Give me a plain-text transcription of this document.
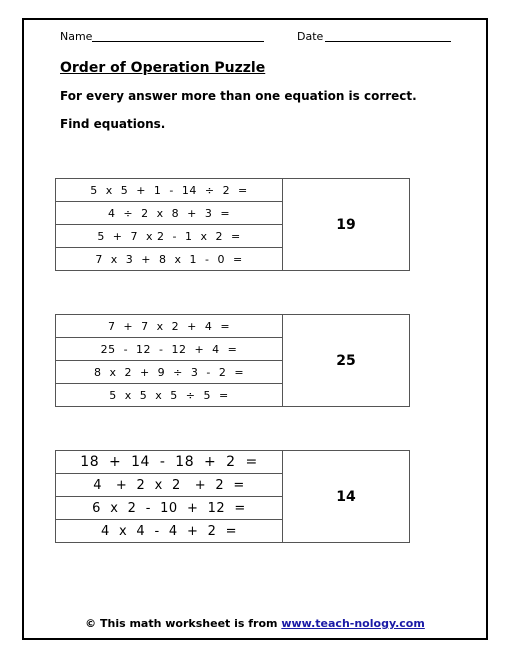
Name	Date
Order of Operation Puzzle
For every answer more than one equation is correct.
Find equations.
5  x  5  +  1  -  14  ÷  2  =
4  ÷  2  x  8  +  3  =
5  +  7  x 2  -  1  x  2  =
7  x  3  +  8  x  1  -  0  =
19
7  +  7  x  2  +  4  =
25  -  12  -  12  +  4  =
8  x  2  +  9  ÷  3  -  2  =
5  x  5  x  5  ÷  5  =
25
18  +  14  -  18  +  2  =
4   +  2  x  2   +  2  =
6  x  2  -  10  +  12  =
4  x  4  -  4  +  2  =
14
© This math worksheet is from www.teach-nology.com
